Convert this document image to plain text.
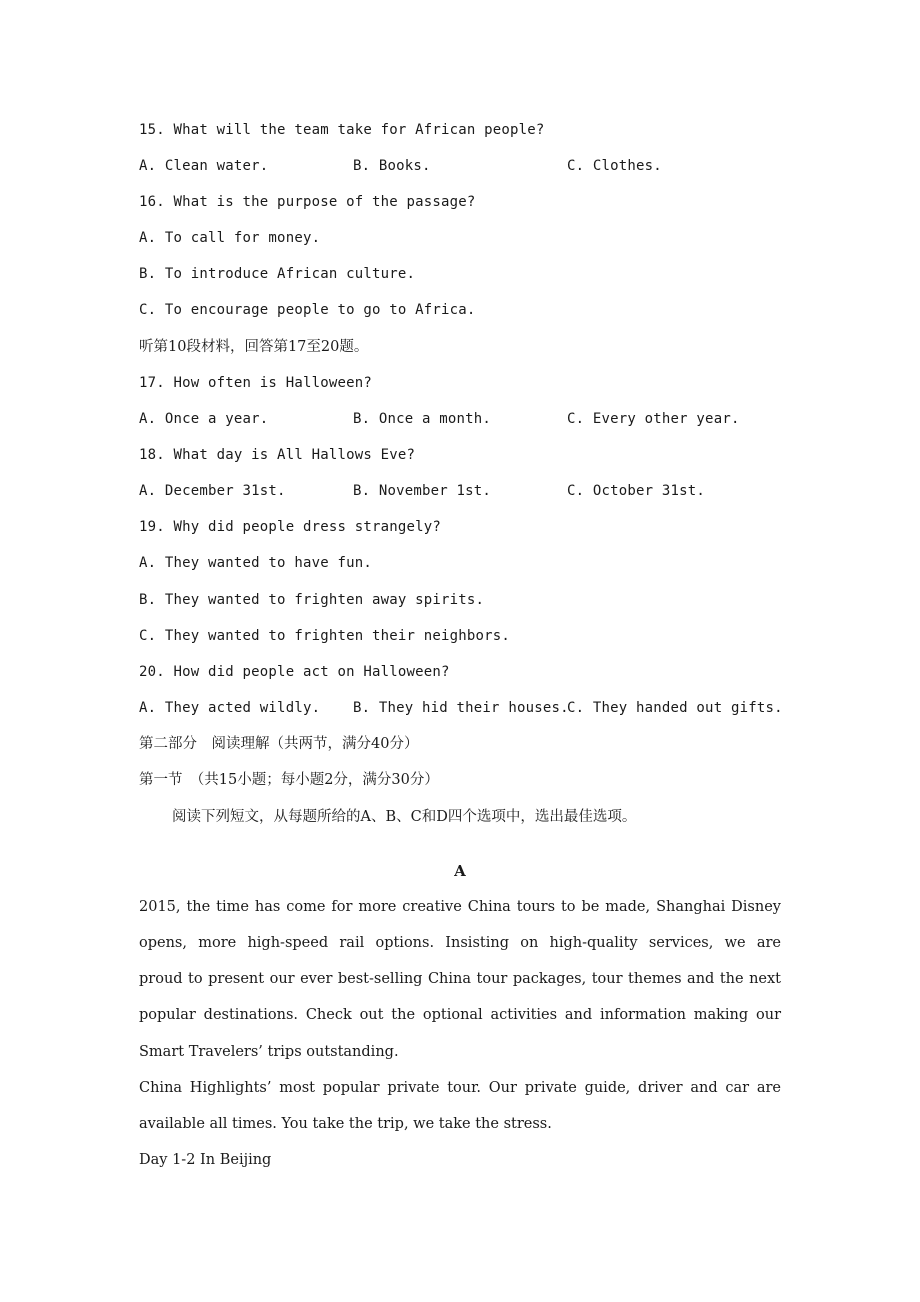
15. What will the team take for African people?
A. Clean water.	B. Books.	C. Clothes.
16. What is the purpose of the passage?
A. To call for money.
B. To introduce African culture.
C. To encourage people to go to Africa.
听第10段材料，回答第17至20题。
17. How often is Halloween?
A. Once a year.	B. Once a month.	C. Every other year.
18. What day is All Hallows Eve?
A. December 31st.	B. November 1st.	C. October 31st.
19. Why did people dress strangely?
A. They wanted to have fun.
B. They wanted to frighten away spirits.
C. They wanted to frighten their neighbors.
20. How did people act on Halloween?
A. They acted wildly. B. They hid their houses.
C. They handed out gifts.
第二部分　阅读理解（共两节，满分40分）
第一节　（共15小题；每小题2分，满分30分）
阅读下列短文，从每题所给的A、B、C和D四个选项中，选出最佳选项。
A
2015, the time has come for more creative China tours to be made, Shanghai Disney
opens, more high-speed rail options. Insisting on high-quality services, we are
proud to present our ever best-selling China tour packages, tour themes and the next
popular destinations. Check out the optional activities and information making our
Smart Travelers’ trips outstanding.
China Highlights’ most popular private tour. Our private guide, driver and car are
available all times. You take the trip, we take the stress.
Day 1-2 In Beijing
